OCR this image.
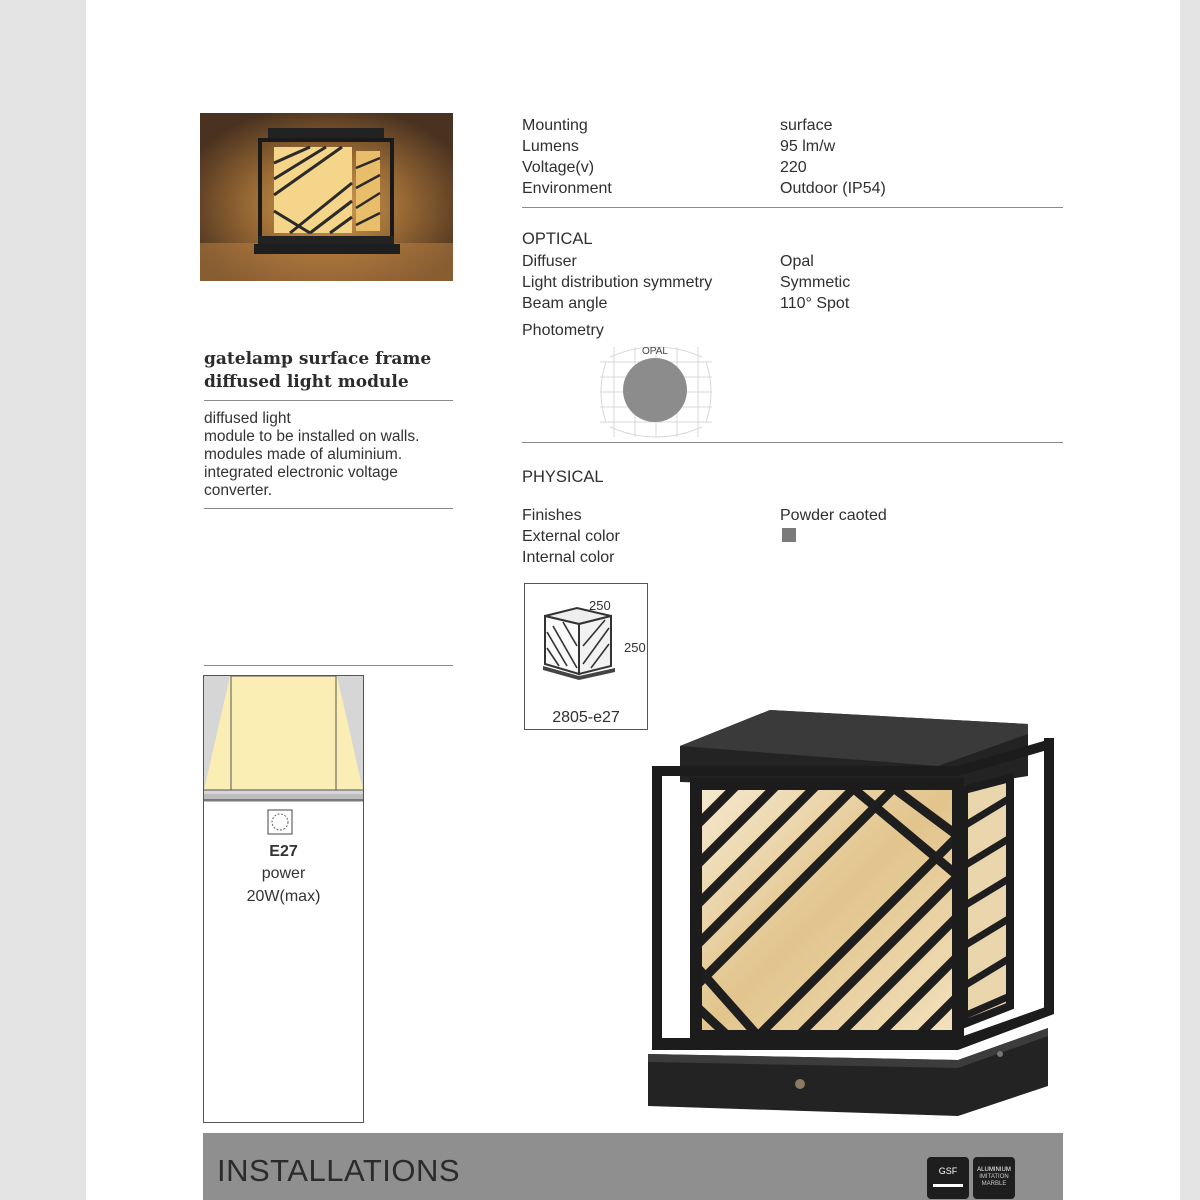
gatelamp surface frame
diffused light module
diffused light
module to be installed on walls.
modules made of aluminium.
integrated electronic voltage
converter.
Mounting
Lumens
Voltage(v)
Environment
surface
95 lm/w
220
Outdoor (IP54)
OPTICAL
Diffuser
Light distribution symmetry
Beam angle
Opal
Symmetic
110° Spot
Photometry
OPAL
PHYSICAL
Finishes
External color
Internal color
Powder caoted
250
250
2805-e27
E27
power
20W(max)
INSTALLATIONS	GSF	ALUMINIUM
IMITATION
MARBLE
